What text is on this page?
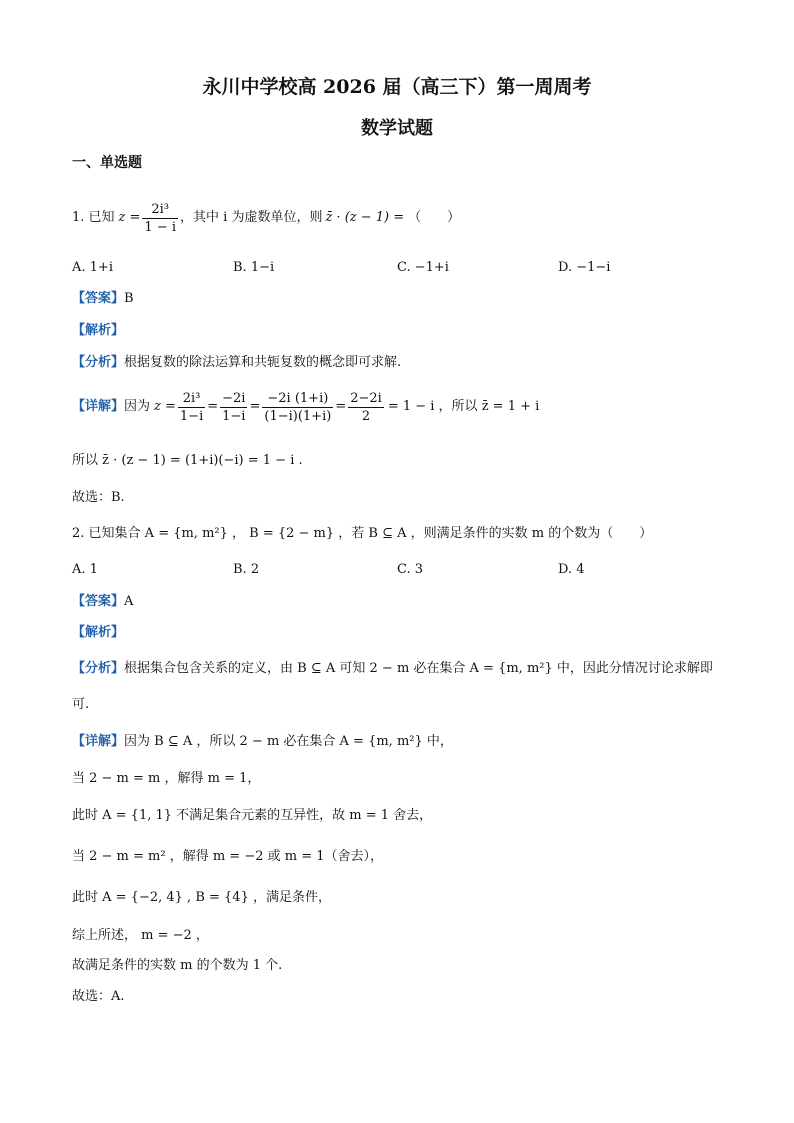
永川中学校高 2026 届（高三下）第一周周考
数学试题
一、单选题
1. 已知 $z = \frac{\text{2i³}}{1 - i}$ ，其中 i 为虚数单位，则 z̄ · (z − 1) = （　　）
A. 1+i	B. 1−i	C. −1+i	D. −1−i
【答案】B
【解析】
【分析】根据复数的除法运算和共轭复数的概念即可求解.
【详解】 因为 $z = \frac{\text{2i³}}{1-i} = \frac{-2i}{1-i} = \frac{-2i (1+i)}{(1-i)(1+i)} = \frac{2-2i}{2} = 1 - i$ ，所以 z̄ = 1 + i
所以 z̄ · (z − 1) = (1+i)(−i) = 1 − i .
故选：B.
2. 已知集合 A = {m, m²} ， B = {2 − m} ，若 B ⊆ A ，则满足条件的实数 m 的个数为（　　）
A. 1	B. 2	C. 3	D. 4
【答案】A
【解析】
【分析】根据集合包含关系的定义，由 B ⊆ A 可知 2 − m 必在集合 A = {m, m²} 中，因此分情况讨论求解即
可.
【详解】因为 B ⊆ A ，所以 2 − m 必在集合 A = {m, m²} 中，
当 2 − m = m ，解得 m = 1，
此时 A = {1, 1} 不满足集合元素的互异性，故 m = 1 舍去，
当 2 − m = m² ，解得 m = −2 或 m = 1（舍去），
此时 A = {−2, 4} , B = {4} ，满足条件，
综上所述， m = −2 ，
故满足条件的实数 m 的个数为 1 个.
故选：A.
